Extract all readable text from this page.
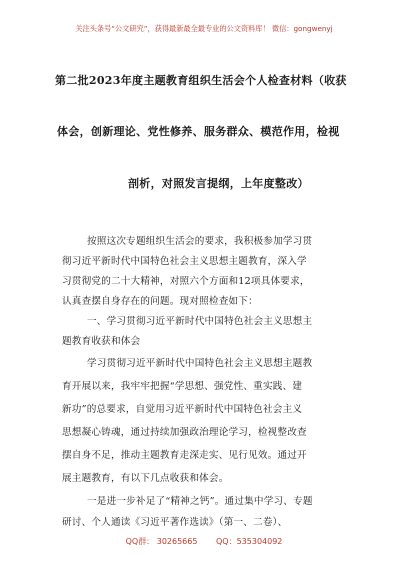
关注头条号“公文研究”，获得最新最全最专业的公文资料库！ 微信：gongwenyj
第二批2023年度主题教育组织生活会个人检查材料（收获
体会，创新理论、党性修养、服务群众、模范作用，检视
剖析，对照发言提纲，上年度整改）
按照这次专题组织生活会的要求，我积极参加学习贯
彻习近平新时代中国特色社会主义思想主题教育，深入学
习贯彻党的二十大精神，对照六个方面和12项具体要求，
认真查摆自身存在的问题。现对照检查如下：
一、学习贯彻习近平新时代中国特色社会主义思想主
题教育收获和体会
学习贯彻习近平新时代中国特色社会主义思想主题教
育开展以来，我牢牢把握“学思想、强党性、重实践、建
新功”的总要求，自觉用习近平新时代中国特色社会主义
思想凝心铸魂，通过持续加强政治理论学习，检视整改查
摆自身不足，推动主题教育走深走实、见行见效。通过开
展主题教育，有以下几点收获和体会。
一是进一步补足了“精神之钙”。通过集中学习、专题
研讨、个人通读《习近平著作选读》（第一、二卷）、
QQ群： 30265665 QQ：535304092
